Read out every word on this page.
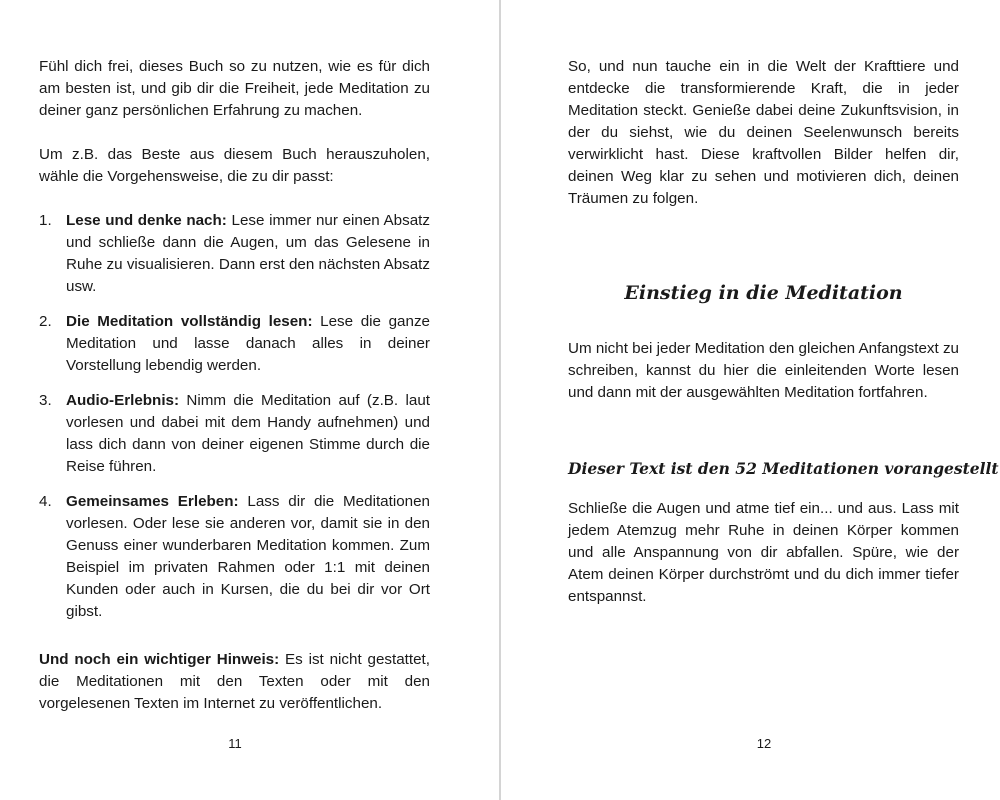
Fühl dich frei, dieses Buch so zu nutzen, wie es für dich am besten ist, und gib dir die Freiheit, jede Meditation zu deiner ganz persönlichen Erfahrung zu machen.

Um z.B. das Beste aus diesem Buch herauszuholen, wähle die Vorgehensweise, die zu dir passt:

1. Lese und denke nach: Lese immer nur einen Absatz und schließe dann die Augen, um das Gelesene in Ruhe zu visualisieren. Dann erst den nächsten Absatz usw.
2. Die Meditation vollständig lesen: Lese die ganze Meditation und lasse danach alles in deiner Vorstellung lebendig werden.
3. Audio-Erlebnis: Nimm die Meditation auf (z.B. laut vorlesen und dabei mit dem Handy aufnehmen) und lass dich dann von deiner eigenen Stimme durch die Reise führen.
4. Gemeinsames Erleben: Lass dir die Meditationen vorlesen. Oder lese sie anderen vor, damit sie in den Genuss einer wunderbaren Meditation kommen. Zum Beispiel im privaten Rahmen oder 1:1 mit deinen Kunden oder auch in Kursen, die du bei dir vor Ort gibst.

Und noch ein wichtiger Hinweis: Es ist nicht gestattet, die Meditationen mit den Texten oder mit den vorgelesenen Texten im Internet zu veröffentlichen.

11

So, und nun tauche ein in die Welt der Krafttiere und entdecke die transformierende Kraft, die in jeder Meditation steckt. Genieße dabei deine Zukunftsvision, in der du siehst, wie du deinen Seelenwunsch bereits verwirklicht hast. Diese kraftvollen Bilder helfen dir, deinen Weg klar zu sehen und motivieren dich, deinen Träumen zu folgen.

Einstieg in die Meditation

Um nicht bei jeder Meditation den gleichen Anfangstext zu schreiben, kannst du hier die einleitenden Worte lesen und dann mit der ausgewählten Meditation fortfahren.

Dieser Text ist den 52 Meditationen vorangestellt

Schließe die Augen und atme tief ein... und aus. Lass mit jedem Atemzug mehr Ruhe in deinen Körper kommen und alle Anspannung von dir abfallen. Spüre, wie der Atem deinen Körper durchströmt und du dich immer tiefer entspannst.

12
